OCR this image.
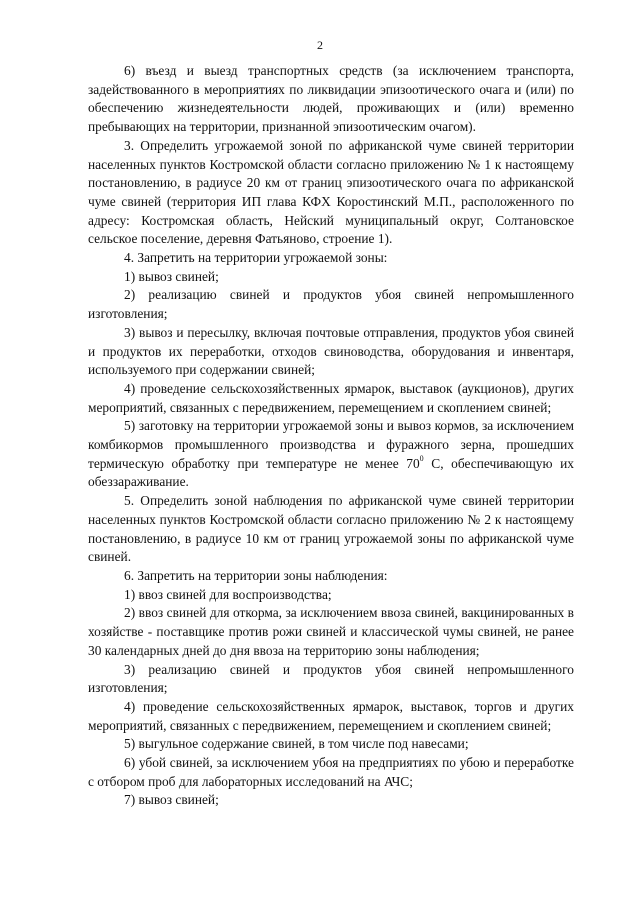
2

6) въезд и выезд транспортных средств (за исключением транспорта, задействованного в мероприятиях по ликвидации эпизоотического очага и (или) по обеспечению жизнедеятельности людей, проживающих и (или) временно пребывающих на территории, признанной эпизоотическим очагом).

3. Определить угрожаемой зоной по африканской чуме свиней территории населенных пунктов Костромской области согласно приложению № 1 к настоящему постановлению, в радиусе 20 км от границ эпизоотического очага по африканской чуме свиней (территория ИП глава КФХ Коростинский М.П., расположенного по адресу: Костромская область, Нейский муниципальный округ, Солтановское сельское поселение, деревня Фатьяново, строение 1).

4. Запретить на территории угрожаемой зоны:

1) вывоз свиней;

2) реализацию свиней и продуктов убоя свиней непромышленного изготовления;

3) вывоз и пересылку, включая почтовые отправления, продуктов убоя свиней и продуктов их переработки, отходов свиноводства, оборудования и инвентаря, используемого при содержании свиней;

4) проведение сельскохозяйственных ярмарок, выставок (аукционов), других мероприятий, связанных с передвижением, перемещением и скоплением свиней;

5) заготовку на территории угрожаемой зоны и вывоз кормов, за исключением комбикормов промышленного производства и фуражного зерна, прошедших термическую обработку при температуре не менее $70^0$ С, обеспечивающую их обеззараживание.

5. Определить зоной наблюдения по африканской чуме свиней территории населенных пунктов Костромской области согласно приложению № 2 к настоящему постановлению, в радиусе 10 км от границ угрожаемой зоны по африканской чуме свиней.

6. Запретить на территории зоны наблюдения:

1) ввоз свиней для воспроизводства;

2) ввоз свиней для откорма, за исключением ввоза свиней, вакцинированных в хозяйстве - поставщике против рожи свиней и классической чумы свиней, не ранее 30 календарных дней до дня ввоза на территорию зоны наблюдения;

3) реализацию свиней и продуктов убоя свиней непромышленного изготовления;

4) проведение сельскохозяйственных ярмарок, выставок, торгов и других мероприятий, связанных с передвижением, перемещением и скоплением свиней;

5) выгульное содержание свиней, в том числе под навесами;

6) убой свиней, за исключением убоя на предприятиях по убою и переработке с отбором проб для лабораторных исследований на АЧС;

7) вывоз свиней;
